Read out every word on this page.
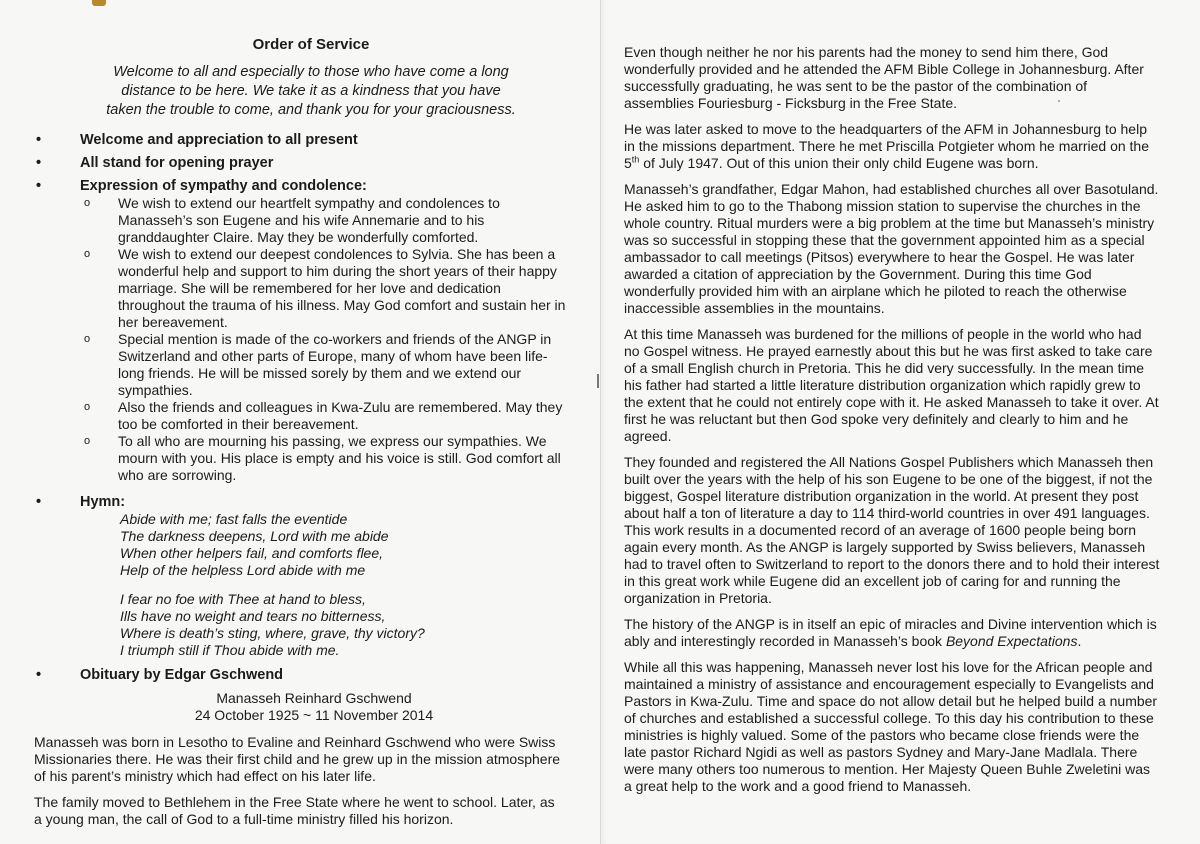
Order of Service
Welcome to all and especially to those who have come a long
distance to be here. We take it as a kindness that you have
taken the trouble to come, and thank you for your graciousness.
•	Welcome and appreciation to all present
•	All stand for opening prayer
•	Expression of sympathy and condolence:
o We wish to extend our heartfelt sympathy and condolences to Manasseh’s son Eugene and his wife Annemarie and to his granddaughter Claire. May they be wonderfully comforted.
o We wish to extend our deepest condolences to Sylvia. She has been a wonderful help and support to him during the short years of their happy marriage. She will be remembered for her love and dedication throughout the trauma of his illness. May God comfort and sustain her in her bereavement.
o Special mention is made of the co-workers and friends of the ANGP in Switzerland and other parts of Europe, many of whom have been life-long friends. He will be missed sorely by them and we extend our sympathies.
o Also the friends and colleagues in Kwa-Zulu are remembered. May they too be comforted in their bereavement.
o To all who are mourning his passing, we express our sympathies. We mourn with you. His place is empty and his voice is still. God comfort all who are sorrowing.
•	Hymn:
Abide with me; fast falls the eventide
The darkness deepens, Lord with me abide
When other helpers fail, and comforts flee,
Help of the helpless Lord abide with me
I fear no foe with Thee at hand to bless,
Ills have no weight and tears no bitterness,
Where is death’s sting, where, grave, thy victory?
I triumph still if Thou abide with me.
•	Obituary by Edgar Gschwend
Manasseh Reinhard Gschwend
24 October 1925 ~ 11 November 2014

Manasseh was born in Lesotho to Evaline and Reinhard Gschwend who were Swiss Missionaries there. He was their first child and he grew up in the mission atmosphere of his parent’s ministry which had effect on his later life.

The family moved to Bethlehem in the Free State where he went to school. Later, as a young man, the call of God to a full-time ministry filled his horizon.

Even though neither he nor his parents had the money to send him there, God wonderfully provided and he attended the AFM Bible College in Johannesburg. After successfully graduating, he was sent to be the pastor of the combination of assemblies Fouriesburg - Ficksburg in the Free State.

He was later asked to move to the headquarters of the AFM in Johannesburg to help in the missions department. There he met Priscilla Potgieter whom he married on the 5th of July 1947. Out of this union their only child Eugene was born.

Manasseh’s grandfather, Edgar Mahon, had established churches all over Basotuland. He asked him to go to the Thabong mission station to supervise the churches in the whole country. Ritual murders were a big problem at the time but Manasseh’s ministry was so successful in stopping these that the government appointed him as a special ambassador to call meetings (Pitsos) everywhere to hear the Gospel. He was later awarded a citation of appreciation by the Government. During this time God wonderfully provided him with an airplane which he piloted to reach the otherwise inaccessible assemblies in the mountains.

At this time Manasseh was burdened for the millions of people in the world who had no Gospel witness. He prayed earnestly about this but he was first asked to take care of a small English church in Pretoria. This he did very successfully. In the mean time his father had started a little literature distribution organization which rapidly grew to the extent that he could not entirely cope with it. He asked Manasseh to take it over. At first he was reluctant but then God spoke very definitely and clearly to him and he agreed.

They founded and registered the All Nations Gospel Publishers which Manasseh then built over the years with the help of his son Eugene to be one of the biggest, if not the biggest, Gospel literature distribution organization in the world. At present they post about half a ton of literature a day to 114 third-world countries in over 491 languages. This work results in a documented record of an average of 1600 people being born again every month. As the ANGP is largely supported by Swiss believers, Manasseh had to travel often to Switzerland to report to the donors there and to hold their interest in this great work while Eugene did an excellent job of caring for and running the organization in Pretoria.

The history of the ANGP is in itself an epic of miracles and Divine intervention which is ably and interestingly recorded in Manasseh’s book Beyond Expectations.

While all this was happening, Manasseh never lost his love for the African people and maintained a ministry of assistance and encouragement especially to Evangelists and Pastors in Kwa-Zulu. Time and space do not allow detail but he helped build a number of churches and established a successful college. To this day his contribution to these ministries is highly valued. Some of the pastors who became close friends were the late pastor Richard Ngidi as well as pastors Sydney and Mary-Jane Madlala. There were many others too numerous to mention. Her Majesty Queen Buhle Zweletini was a great help to the work and a good friend to Manasseh.
